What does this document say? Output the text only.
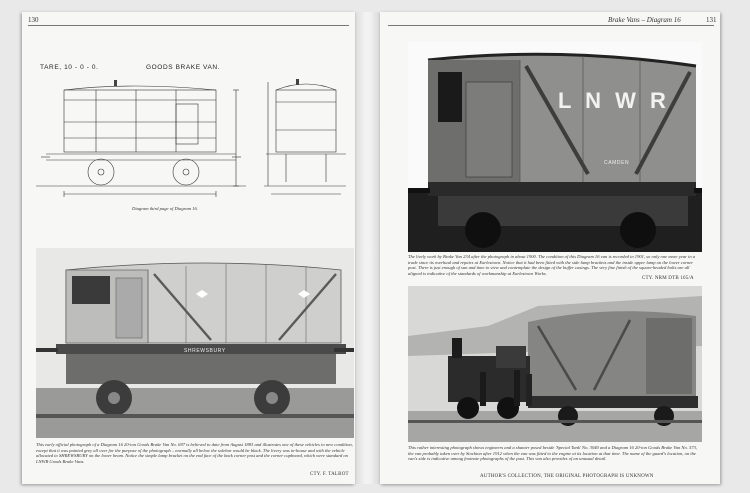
130
TARE, 10 - 0 - 0.	GOODS BRAKE VAN.
Diagram third page of Diagram 16.
SHREWSBURY
This early official photograph of a Diagram 16 20-ton Goods Brake Van No. 697 is believed to date from August 1883 and illustrates one of these vehicles in new condition, except that it was painted grey all over for the purpose of the photograph – normally all below the solebar would be black. The livery was in-house and with the vehicle allocated to SHREWSBURY on the lower beam. Notice the simple lamp bracket on the end face of the back corner post and the corner cupboard, which were standard on LNWR Goods Brake Vans.
CTY. F. TALBOT
Brake Vans – Diagram 16	131
L N W R
CAMDEN
The lively work by Brake Van 234 after the photograph in about 1900. The condition of this Diagram 16 van is recorded in 1901, so only one more year in a trade since its overhaul and repairs at Earlestown. Notice that it had been fitted with the side lamp brackets and the inside upper lamp on the lower corner post. There is just enough of sun and time to view and contemplate the design of the buffer casings. The very fine finish of the square-headed bolts are all aligned is indicative of the standards of workmanship at Earlestown Works.
CTY. NRM DTB 105/A
This rather interesting photograph shows engineers and a shunter posed beside 'Special Tank' No. 3040 and a Diagram 16 20-ton Goods Brake Van No. 573, the van probably taken over by Stockton after 1912 when the van was fitted to the engine at its location at that time. The name of the guard's location, on the van's side is indicative among footnote photographs of the past. This van also provides of an unusual detail.
AUTHOR'S COLLECTION, THE ORIGINAL PHOTOGRAPH IS UNKNOWN
